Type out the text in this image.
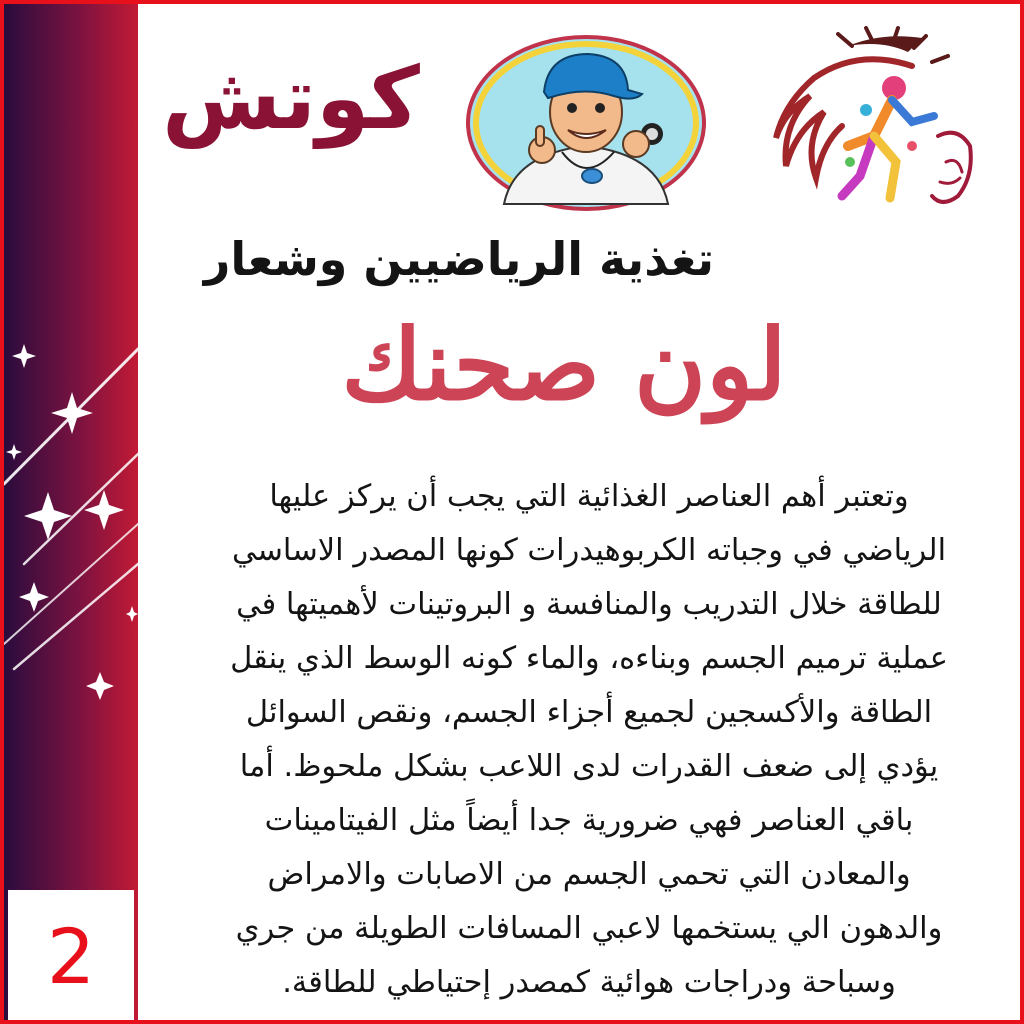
2
كوتش
تغذية الرياضيين وشعار
لون صحنك
وتعتبر أهم العناصر الغذائية التي يجب أن يركز عليها
الرياضي في وجباته الكربوهيدرات كونها المصدر الاساسي
للطاقة خلال التدريب والمنافسة و البروتينات لأهميتها في
عملية ترميم الجسم وبناءه، والماء كونه الوسط الذي ينقل
الطاقة والأكسجين لجميع أجزاء الجسم، ونقص السوائل
يؤدي إلى ضعف القدرات لدى اللاعب بشكل ملحوظ. أما
باقي العناصر فهي ضرورية جدا أيضاً مثل الفيتامينات
والمعادن التي تحمي الجسم من الاصابات والامراض
والدهون الي يستخمها لاعبي المسافات الطويلة من جري
وسباحة ودراجات هوائية كمصدر إحتياطي للطاقة.
